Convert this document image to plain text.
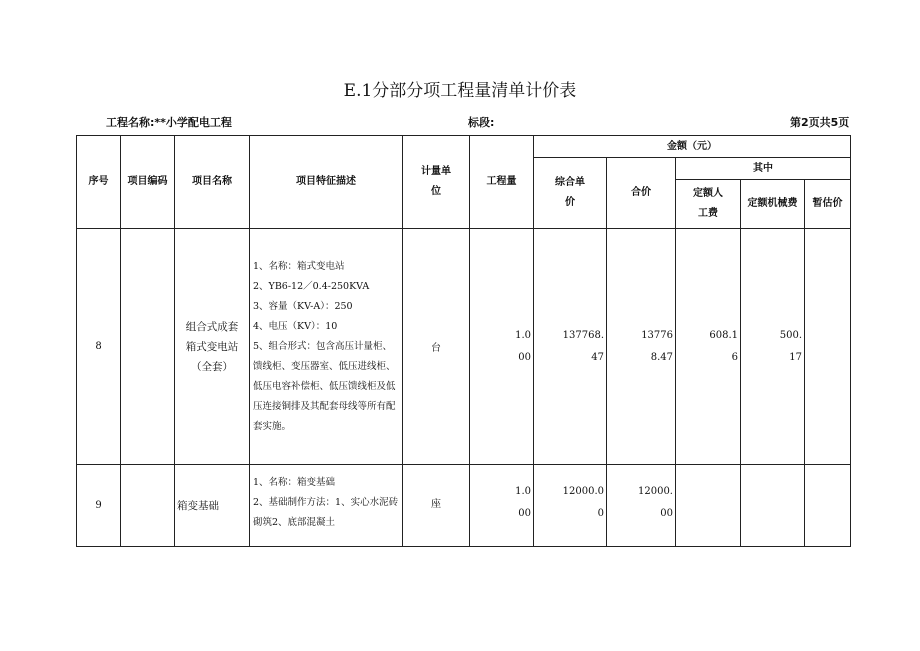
E.1分部分项工程量清单计价表
工程名称:**小学配电工程	标段:	第2页共5页
序号	项目编码	项目名称	项目特征描述	计量单位	工程量	金额（元）				
						综合单价	合价	其中		
								定额人工费	定额机械费	暂估价
8		组合式成套箱式变电站（全套）	1、名称：箱式变电站
2、YB6-12／0.4-250KVA
3、容量（KV-A）：250
4、电压（KV）：10
5、组合形式：包含高压计量柜、馈线柜、变压器室、低压进线柜、低压电容补偿柜、低压馈线柜及低压连接铜排及其配套母线等所有配套实施。	台	1.000	137768.47	137768.47	608.16	500.17	
9		箱变基础	1、名称：箱变基础
2、基础制作方法：1、实心水泥砖砌筑2、底部混凝土	座	1.000	12000.00	12000.00			
